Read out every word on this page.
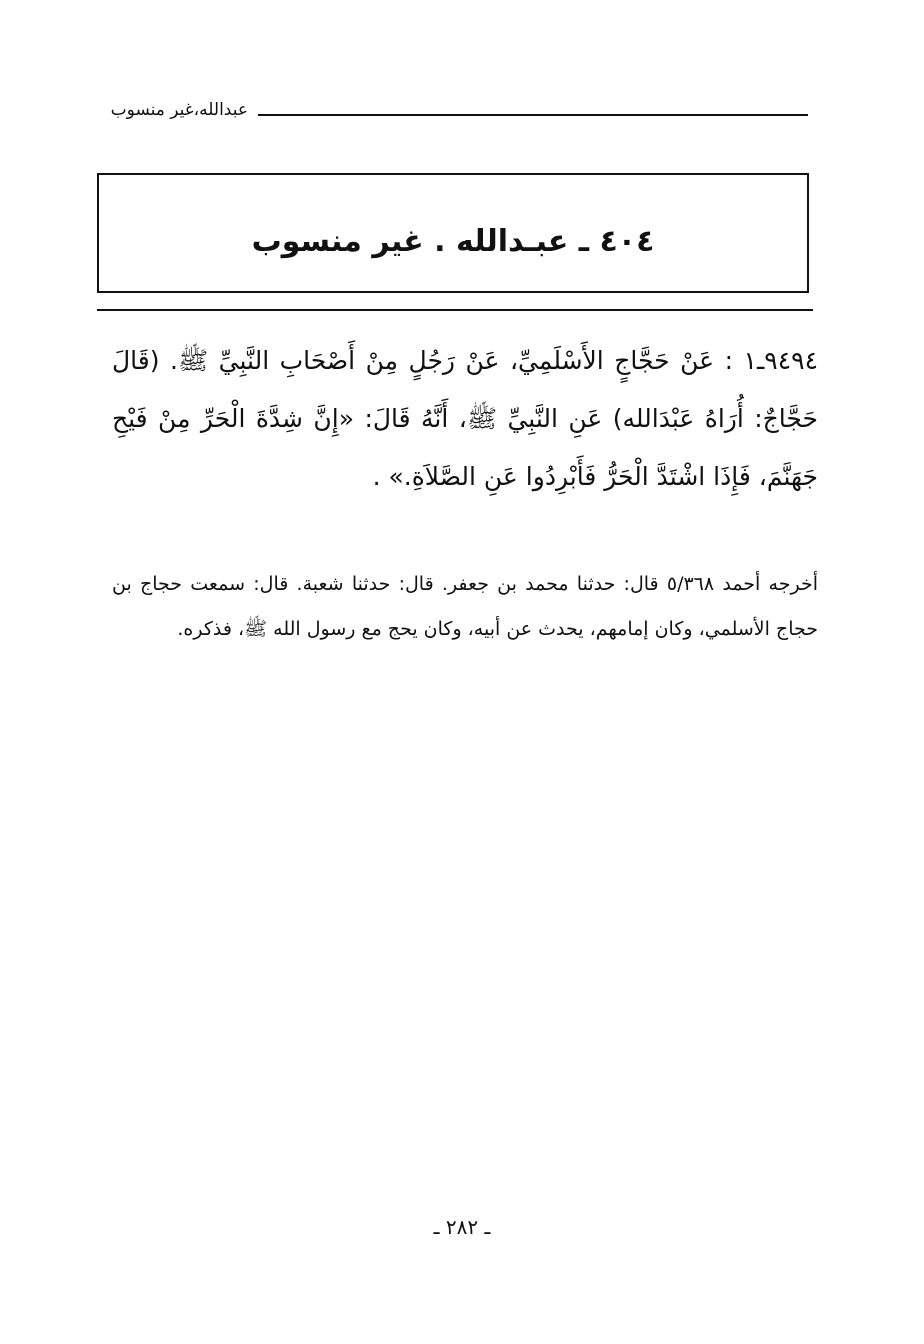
عبدالله،غير منسوب
٤٠٤ ـ عبـدالله . غير منسوب
٩٤٩٤ـ١ : عَنْ حَجَّاجٍ الأَسْلَمِيِّ، عَنْ رَجُلٍ مِنْ أَصْحَابِ النَّبِيِّ ﷺ. (قَالَ حَجَّاجٌ: أُرَاهُ عَبْدَالله) عَنِ النَّبِيِّ ﷺ، أَنَّهُ قَالَ: «إِنَّ شِدَّةَ الْحَرِّ مِنْ فَيْحِ جَهَنَّمَ، فَإِذَا اشْتَدَّ الْحَرُّ فَأَبْرِدُوا عَنِ الصَّلاَةِ.» .
أخرجه أحمد ٥/٣٦٨ قال: حدثنا محمد بن جعفر. قال: حدثنا شعبة. قال: سمعت حجاج بن حجاج الأسلمي، وكان إمامهم، يحدث عن أبيه، وكان يحج مع رسول الله ﷺ، فذكره.
ـ ٢٨٢ ـ
